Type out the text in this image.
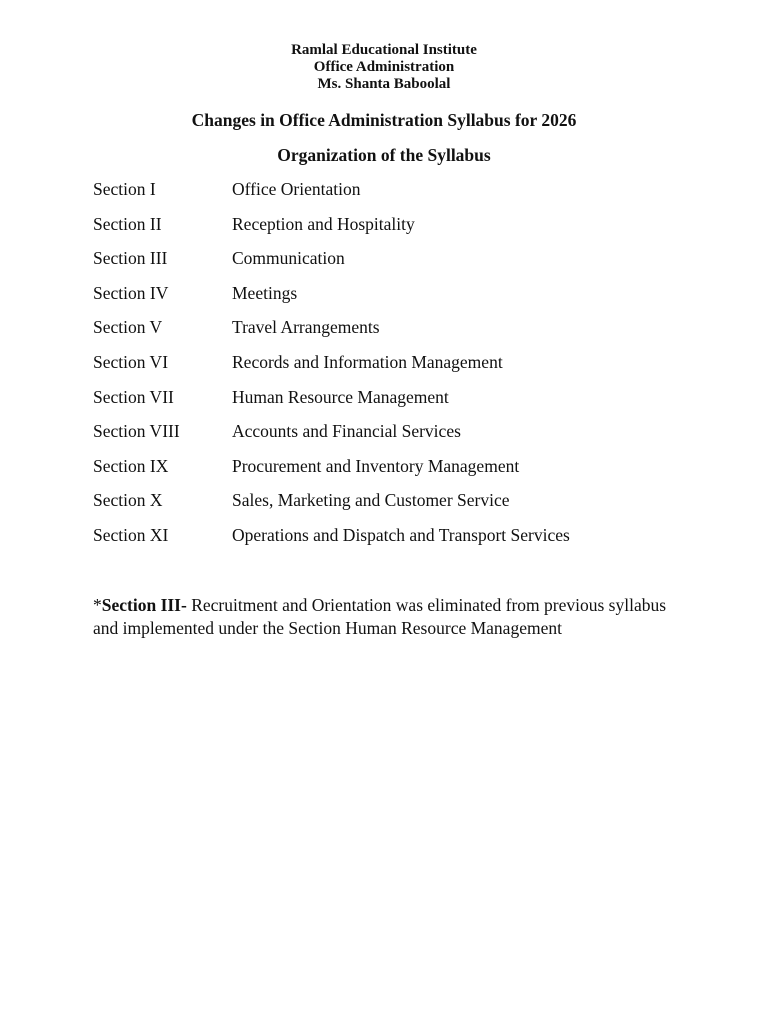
Ramlal Educational Institute
Office Administration
Ms. Shanta Baboolal
Changes in Office Administration Syllabus for 2026
Organization of the Syllabus
Section I	Office Orientation
Section II	Reception and Hospitality
Section III	Communication
Section IV	Meetings
Section V	Travel Arrangements
Section VI	Records and Information Management
Section VII	Human Resource Management
Section VIII	Accounts and Financial Services
Section IX	Procurement and Inventory Management
Section X	Sales, Marketing and Customer Service
Section XI	Operations and Dispatch and Transport Services

*Section III- Recruitment and Orientation was eliminated from previous syllabus and implemented under the Section Human Resource Management
